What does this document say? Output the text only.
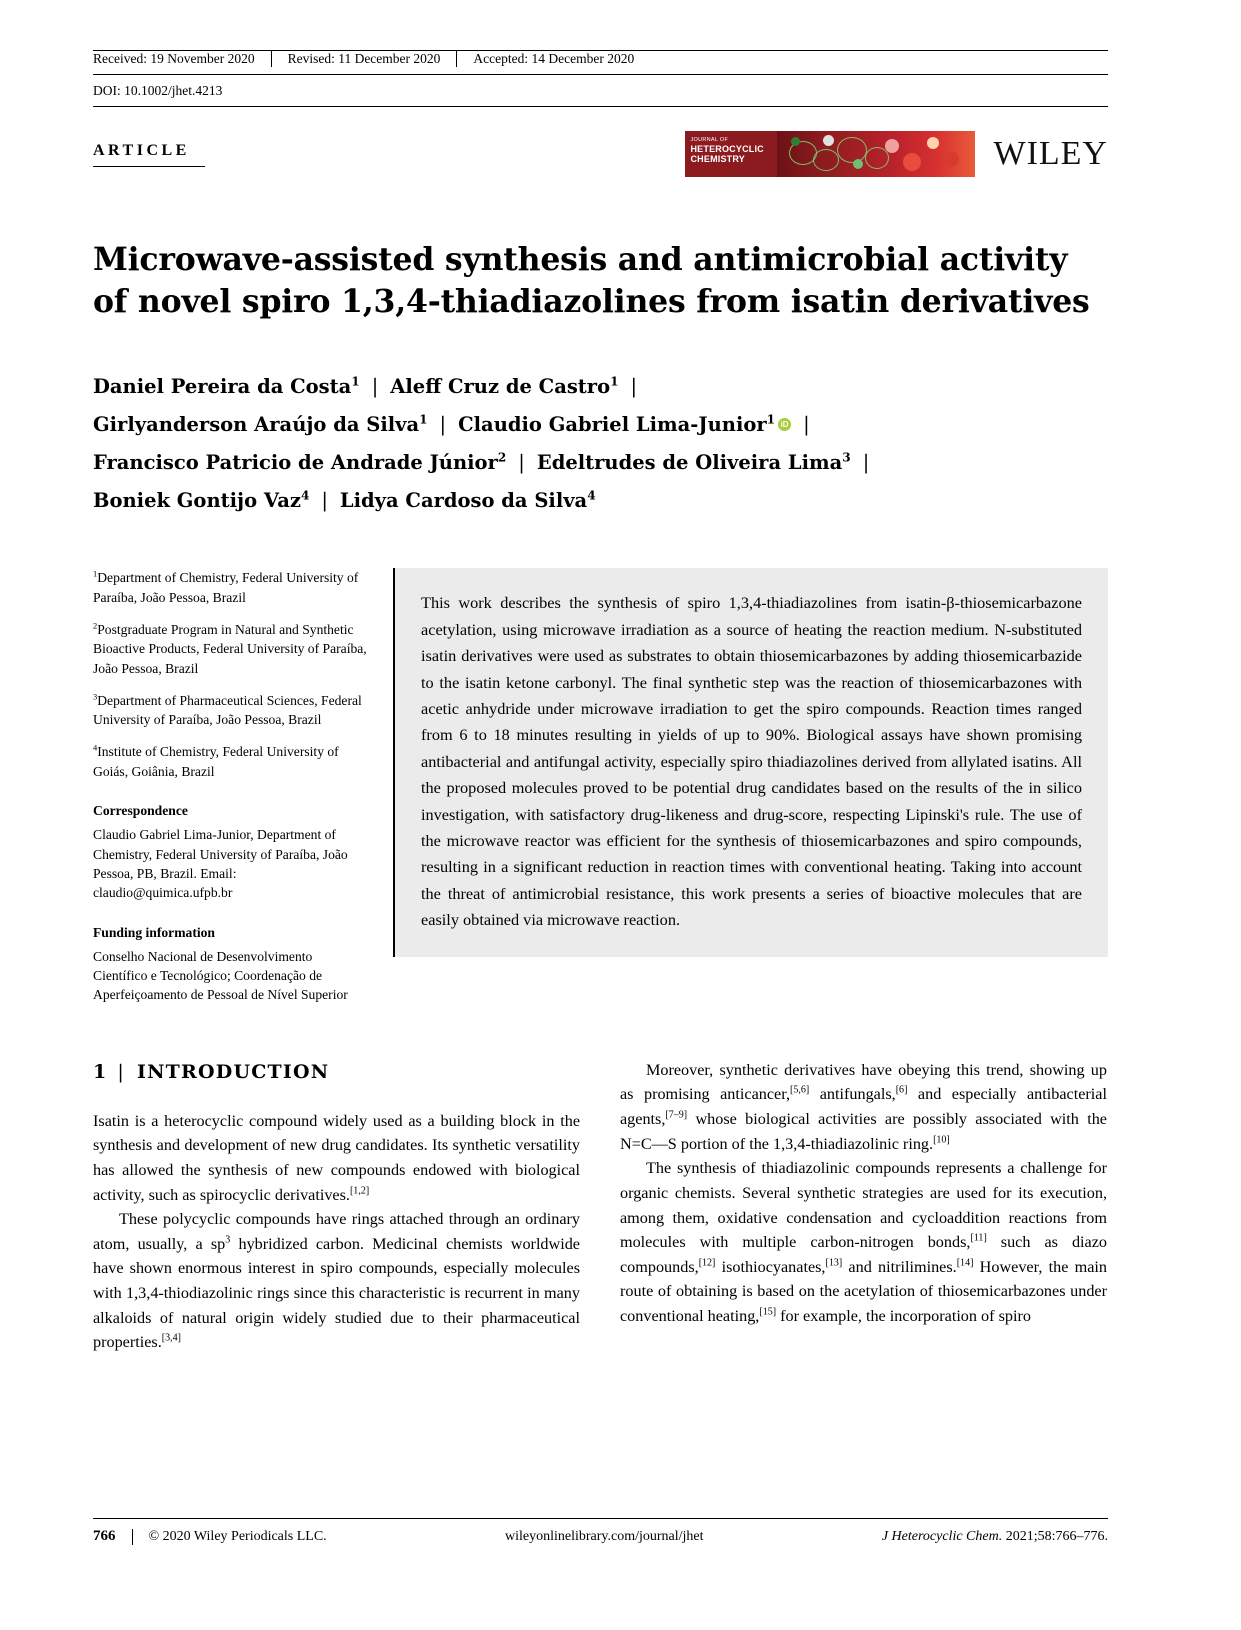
Received: 19 November 2020	Revised: 11 December 2020	Accepted: 14 December 2020
DOI: 10.1002/jhet.4213
ARTICLE
JOURNAL OF
HETEROCYCLIC
CHEMISTRY	WILEY
Microwave-assisted synthesis and antimicrobial activity of novel spiro 1,3,4-thiadiazolines from isatin derivatives
Daniel Pereira da Costa$^1$ | Aleff Cruz de Castro$^1$ |
Girlyanderson Araújo da Silva$^1$ | Claudio Gabriel Lima-Junior$^1$ iD |
Francisco Patricio de Andrade Júnior$^2$ | Edeltrudes de Oliveira Lima$^3$ |
Boniek Gontijo Vaz$^4$ | Lidya Cardoso da Silva$^4$

$^1$Department of Chemistry, Federal University of Paraíba, João Pessoa, Brazil

$^2$Postgraduate Program in Natural and Synthetic Bioactive Products, Federal University of Paraíba, João Pessoa, Brazil

$^3$Department of Pharmaceutical Sciences, Federal University of Paraíba, João Pessoa, Brazil

$^4$Institute of Chemistry, Federal University of Goiás, Goiânia, Brazil

Correspondence

Claudio Gabriel Lima-Junior, Department of Chemistry, Federal University of Paraíba, João Pessoa, PB, Brazil. Email: claudio@quimica.ufpb.br

Funding information

Conselho Nacional de Desenvolvimento Científico e Tecnológico; Coordenação de Aperfeiçoamento de Pessoal de Nível Superior

This work describes the synthesis of spiro 1,3,4-thiadiazolines from isatin-β-thiosemicarbazone acetylation, using microwave irradiation as a source of heating the reaction medium. N-substituted isatin derivatives were used as substrates to obtain thiosemicarbazones by adding thiosemicarbazide to the isatin ketone carbonyl. The final synthetic step was the reaction of thiosemicarbazones with acetic anhydride under microwave irradiation to get the spiro compounds. Reaction times ranged from 6 to 18 minutes resulting in yields of up to 90%. Biological assays have shown promising antibacterial and antifungal activity, especially spiro thiadiazolines derived from allylated isatins. All the proposed molecules proved to be potential drug candidates based on the results of the in silico investigation, with satisfactory drug-likeness and drug-score, respecting Lipinski's rule. The use of the microwave reactor was efficient for the synthesis of thiosemicarbazones and spiro compounds, resulting in a significant reduction in reaction times with conventional heating. Taking into account the threat of antimicrobial resistance, this work presents a series of bioactive molecules that are easily obtained via microwave reaction.
1 | INTRODUCTION

Isatin is a heterocyclic compound widely used as a building block in the synthesis and development of new drug candidates. Its synthetic versatility has allowed the synthesis of new compounds endowed with biological activity, such as spirocyclic derivatives.[1,2]

These polycyclic compounds have rings attached through an ordinary atom, usually, a $sp^3$ hybridized carbon. Medicinal chemists worldwide have shown enormous interest in spiro compounds, especially molecules with 1,3,4-thiodiazolinic rings since this characteristic is recurrent in many alkaloids of natural origin widely studied due to their pharmaceutical properties.[3,4]

Moreover, synthetic derivatives have obeying this trend, showing up as promising anticancer,[5,6] antifungals,[6] and especially antibacterial agents,[7–9] whose biological activities are possibly associated with the N=C—S portion of the 1,3,4-thiadiazolinic ring.[10]

The synthesis of thiadiazolinic compounds represents a challenge for organic chemists. Several synthetic strategies are used for its execution, among them, oxidative condensation and cycloaddition reactions from molecules with multiple carbon-nitrogen bonds,[11] such as diazo compounds,[12] isothiocyanates,[13] and nitrilimines.[14] However, the main route of obtaining is based on the acetylation of thiosemicarbazones under conventional heating,[15] for example, the incorporation of spiro

766 © 2020 Wiley Periodicals LLC.	wileyonlinelibrary.com/journal/jhet	J Heterocyclic Chem. 2021;58:766–776.
